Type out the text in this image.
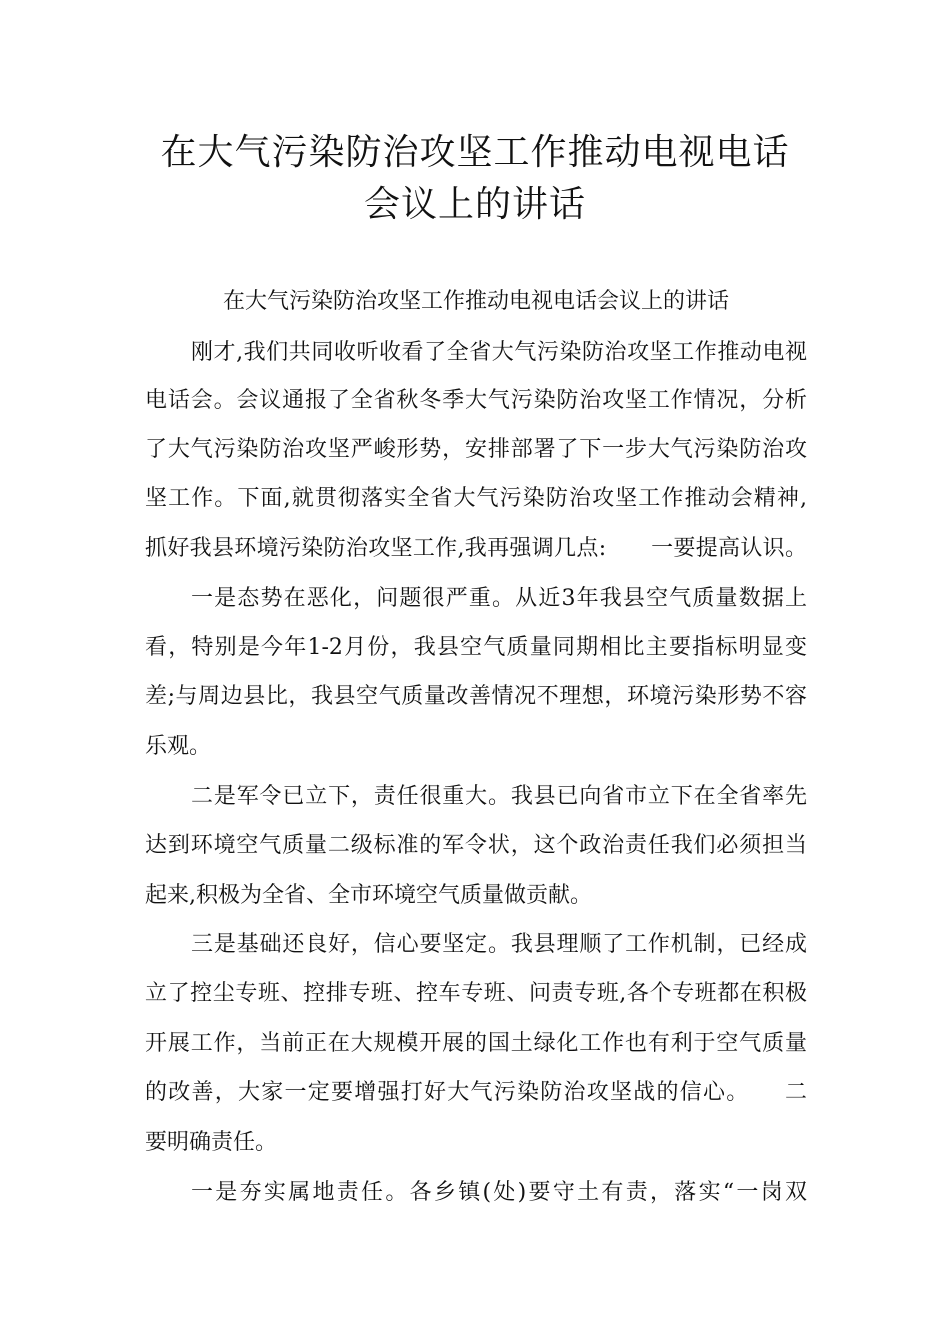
在大气污染防治攻坚工作推动电视电话
会议上的讲话
在大气污染防治攻坚工作推动电视电话会议上的讲话
刚才,我们共同收听收看了全省大气污染防治攻坚工作推动电视
电话会。会议通报了全省秋冬季大气污染防治攻坚工作情况，分析
了大气污染防治攻坚严峻形势，安排部署了下一步大气污染防治攻
坚工作。下面,就贯彻落实全省大气污染防治攻坚工作推动会精神,
抓好我县环境污染防治攻坚工作,我再强调几点:　　一要提高认识。
一是态势在恶化，问题很严重。从近3年我县空气质量数据上
看，特别是今年1-2月份，我县空气质量同期相比主要指标明显变
差;与周边县比，我县空气质量改善情况不理想，环境污染形势不容
乐观。
二是军令已立下，责任很重大。我县已向省市立下在全省率先
达到环境空气质量二级标准的军令状，这个政治责任我们必须担当
起来,积极为全省、全市环境空气质量做贡献。
三是基础还良好，信心要坚定。我县理顺了工作机制，已经成
立了控尘专班、控排专班、控车专班、问责专班,各个专班都在积极
开展工作，当前正在大规模开展的国土绿化工作也有利于空气质量
的改善，大家一定要增强打好大气污染防治攻坚战的信心。　　二
要明确责任。
一是夯实属地责任。各乡镇(处)要守土有责，落实“一岗双
